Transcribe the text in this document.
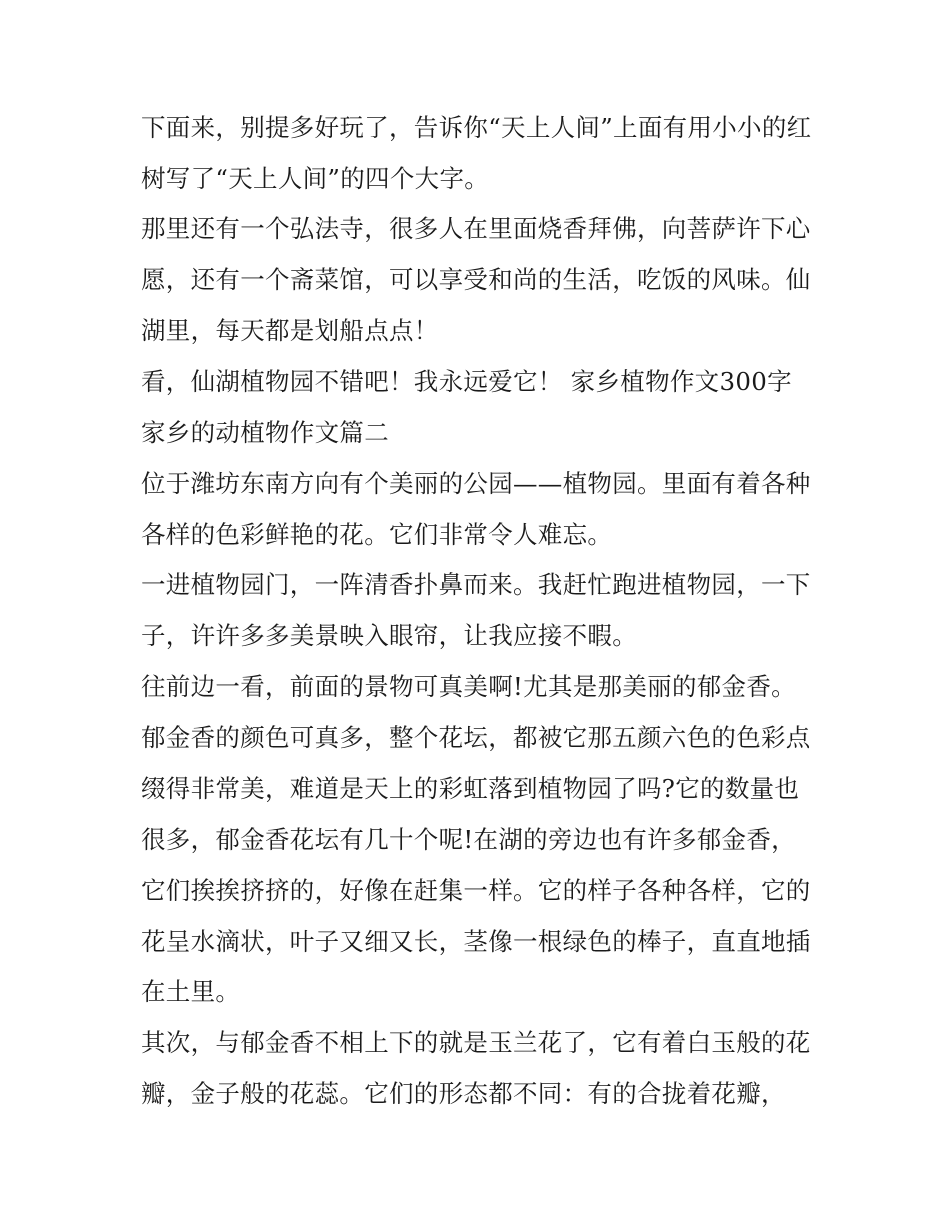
下面来，别提多好玩了，告诉你“天上人间”上面有用小小的红
树写了“天上人间”的四个大字。
那里还有一个弘法寺，很多人在里面烧香拜佛，向菩萨许下心
愿，还有一个斋菜馆，可以享受和尚的生活，吃饭的风味。仙
湖里，每天都是划船点点！
看，仙湖植物园不错吧！我永远爱它！ 家乡植物作文300字
家乡的动植物作文篇二
位于潍坊东南方向有个美丽的公园——植物园。里面有着各种
各样的色彩鲜艳的花。它们非常令人难忘。
一进植物园门，一阵清香扑鼻而来。我赶忙跑进植物园，一下
子，许许多多美景映入眼帘，让我应接不暇。
往前边一看，前面的景物可真美啊!尤其是那美丽的郁金香。
郁金香的颜色可真多，整个花坛，都被它那五颜六色的色彩点
缀得非常美，难道是天上的彩虹落到植物园了吗?它的数量也
很多，郁金香花坛有几十个呢!在湖的旁边也有许多郁金香，
它们挨挨挤挤的，好像在赶集一样。它的样子各种各样，它的
花呈水滴状，叶子又细又长，茎像一根绿色的棒子，直直地插
在土里。
其次，与郁金香不相上下的就是玉兰花了，它有着白玉般的花
瓣，金子般的花蕊。它们的形态都不同：有的合拢着花瓣，
